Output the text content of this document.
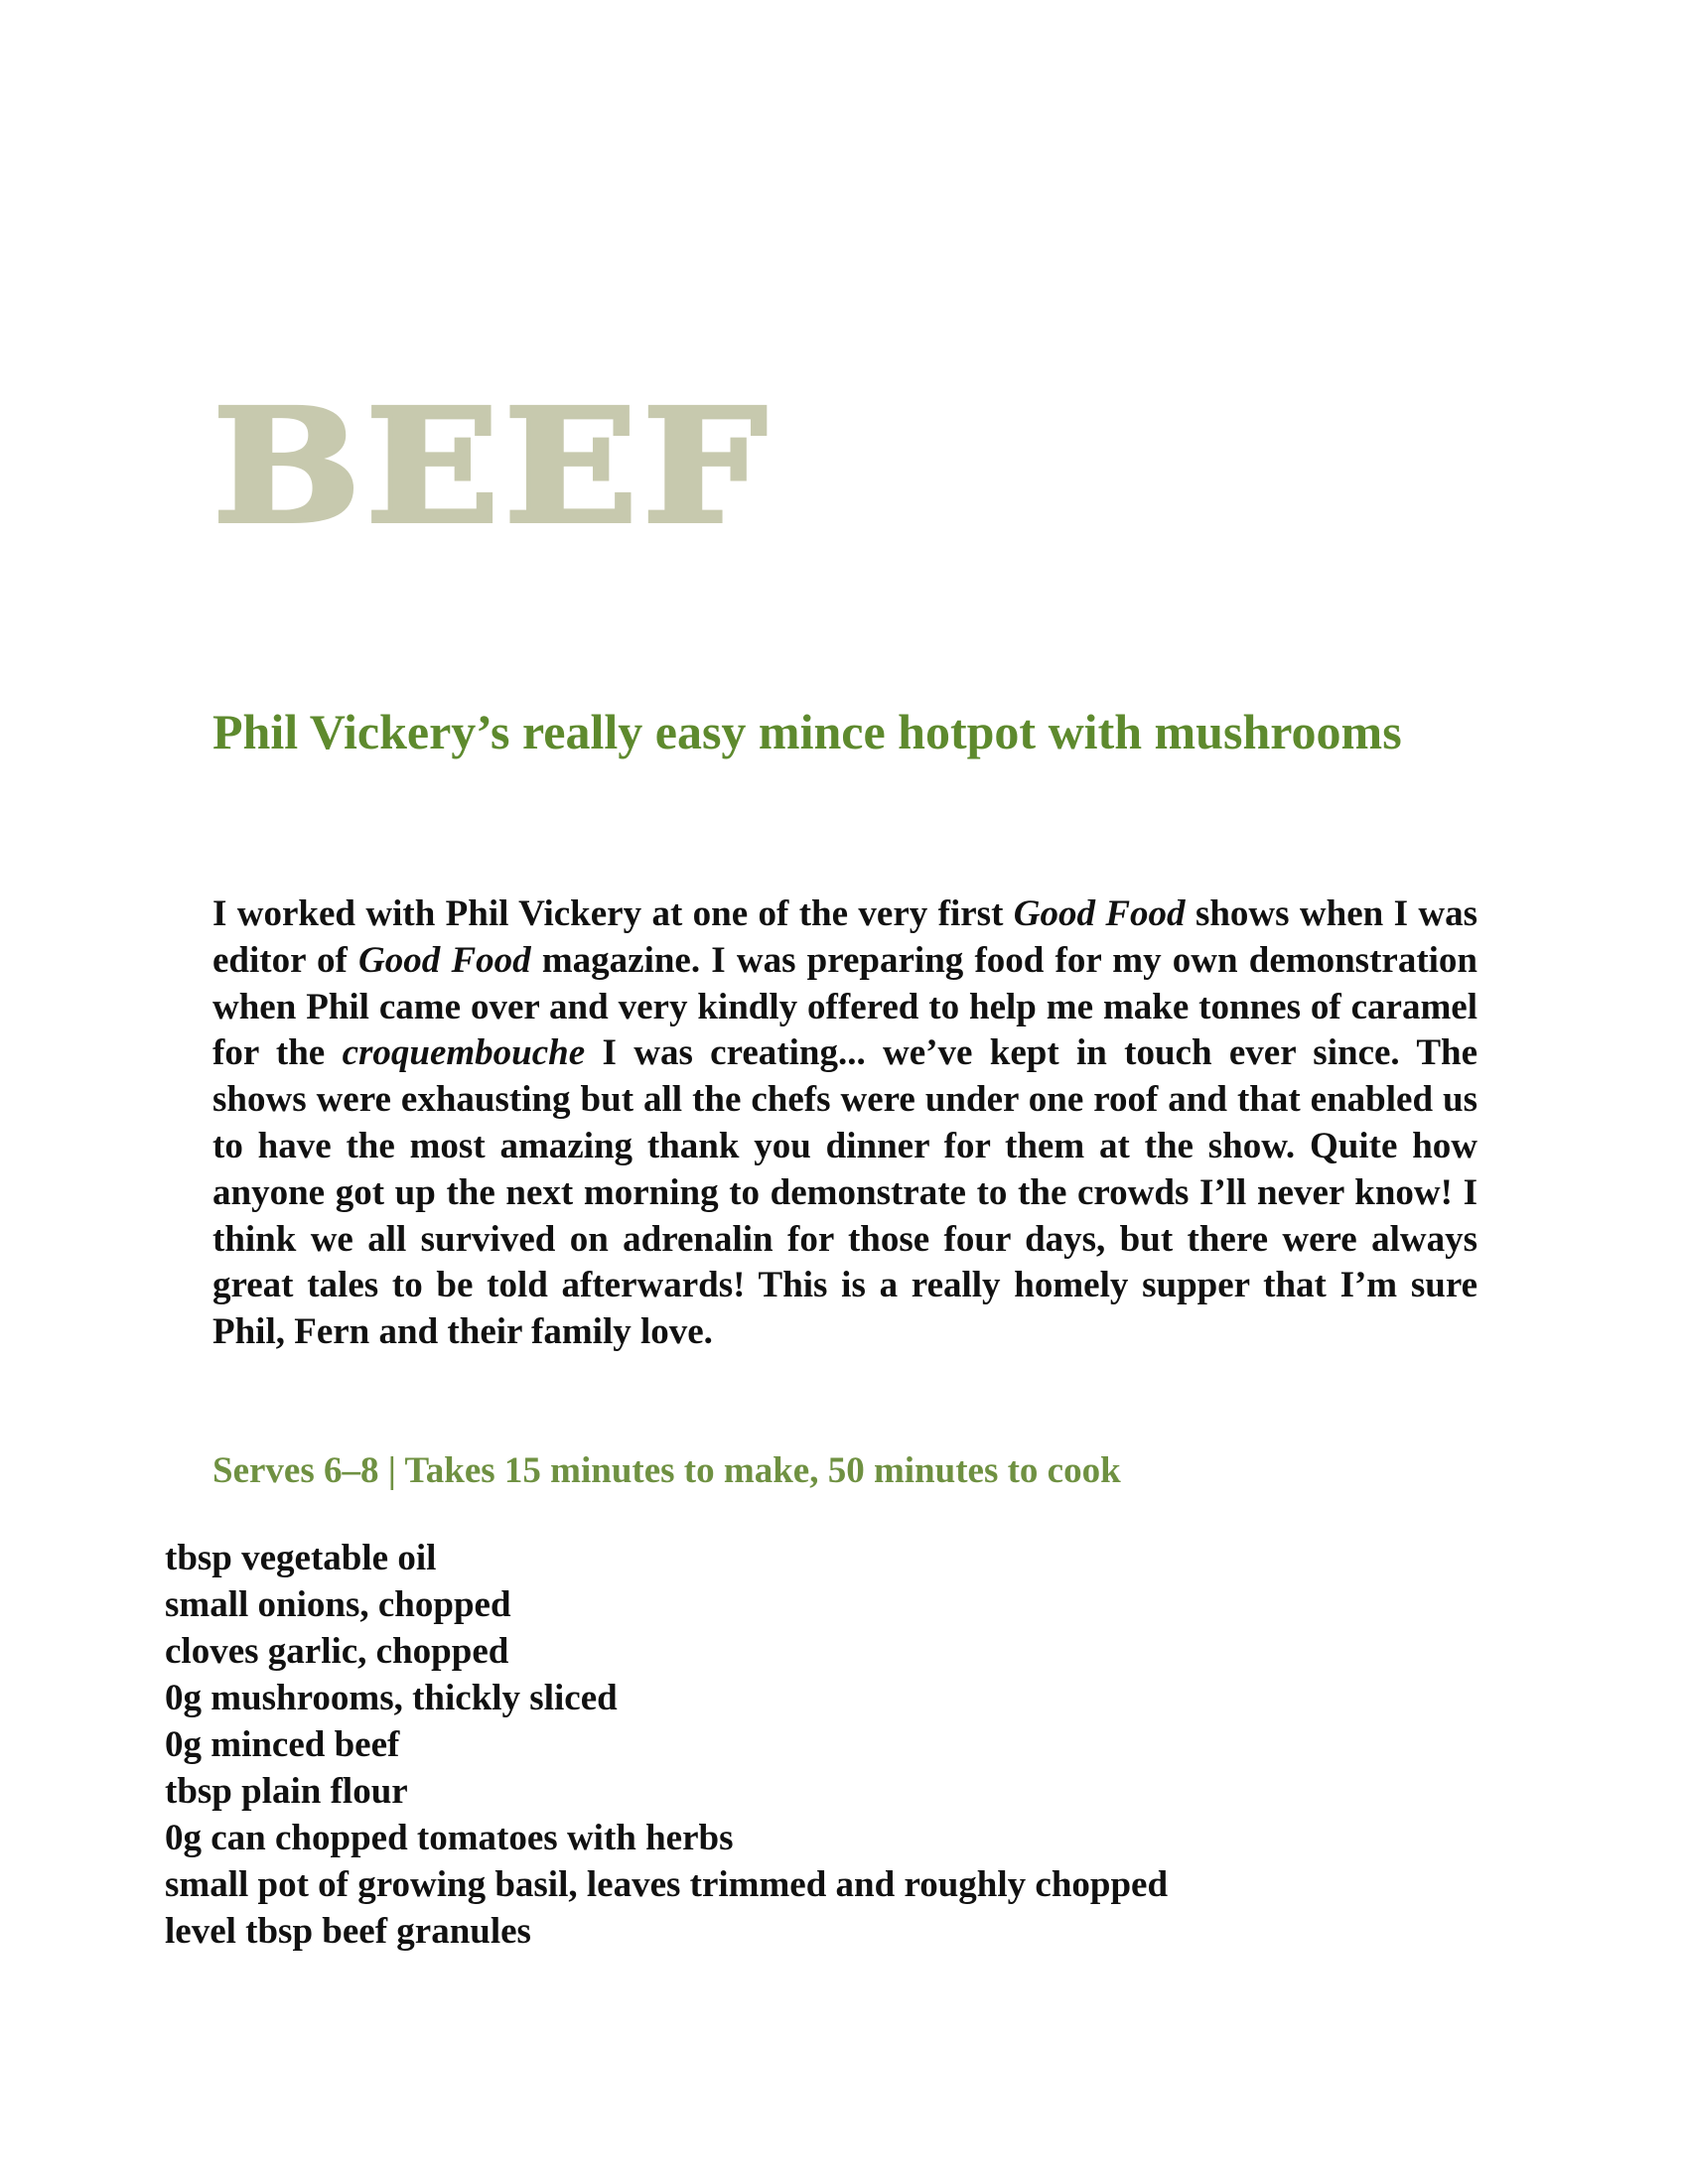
BEEF
Phil Vickery’s really easy mince hotpot with mushrooms

I worked with Phil Vickery at one of the very first Good Food shows when I was editor of Good Food magazine. I was preparing food for my own demonstration when Phil came over and very kindly offered to help me make tonnes of caramel for the croquembouche I was creating... we’ve kept in touch ever since. The shows were exhausting but all the chefs were under one roof and that enabled us to have the most amazing thank you dinner for them at the show. Quite how anyone got up the next morning to demonstrate to the crowds I’ll never know! I think we all survived on adrenalin for those four days, but there were always great tales to be told afterwards! This is a really homely supper that I’m sure Phil, Fern and their family love.

Serves 6–8 | Takes 15 minutes to make, 50 minutes to cook

tbsp vegetable oil
small onions, chopped
cloves garlic, chopped
0g mushrooms, thickly sliced
0g minced beef
tbsp plain flour
0g can chopped tomatoes with herbs
small pot of growing basil, leaves trimmed and roughly chopped
level tbsp beef granules
